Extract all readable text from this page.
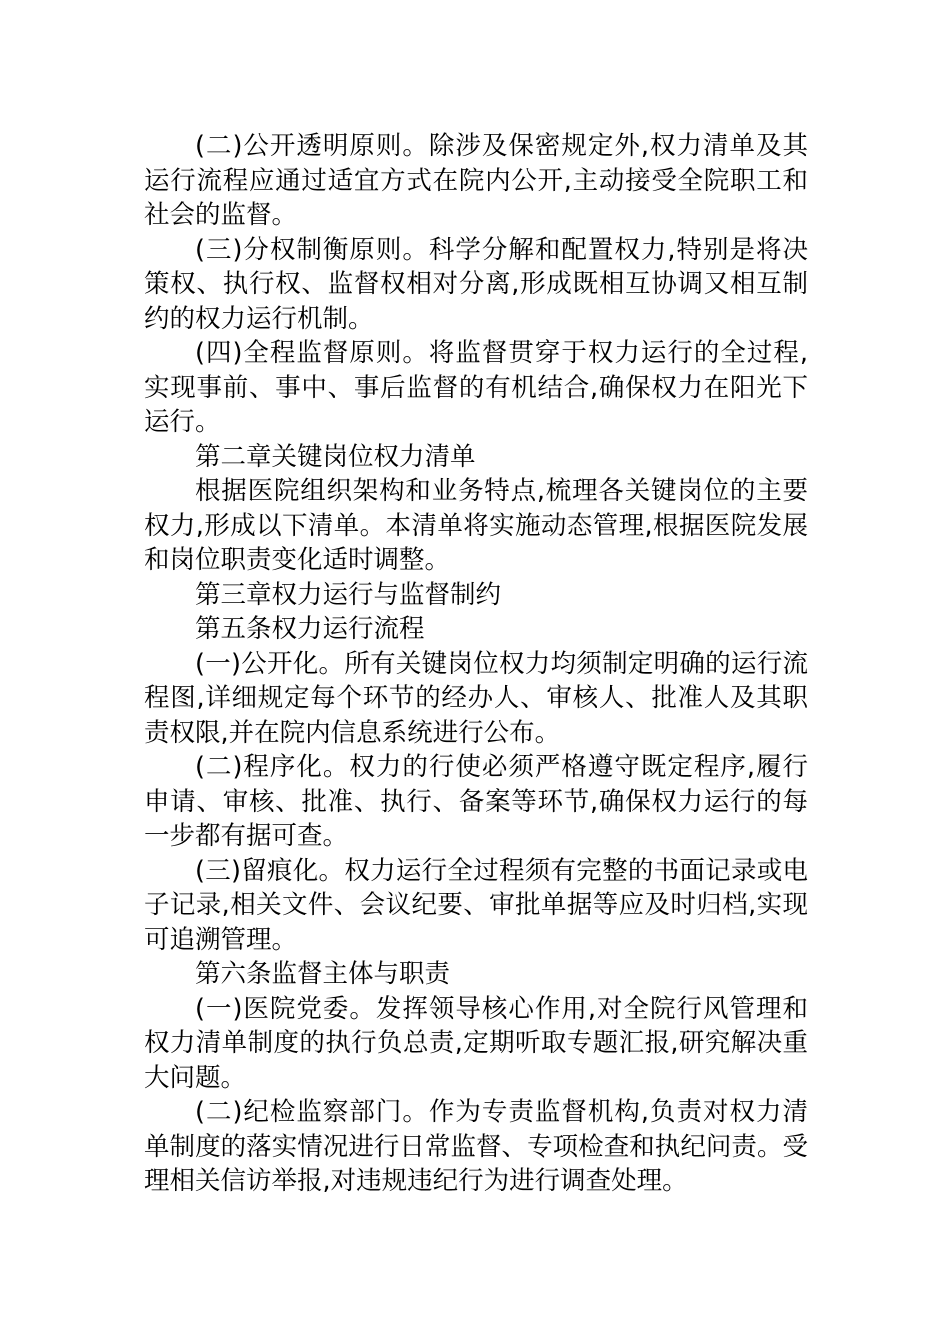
(二)公开透明原则。除涉及保密规定外,权力清单及其运行流程应通过适宜方式在院内公开,主动接受全院职工和社会的监督。

(三)分权制衡原则。科学分解和配置权力,特别是将决策权、执行权、监督权相对分离,形成既相互协调又相互制约的权力运行机制。

(四)全程监督原则。将监督贯穿于权力运行的全过程,实现事前、事中、事后监督的有机结合,确保权力在阳光下运行。

第二章关键岗位权力清单

根据医院组织架构和业务特点,梳理各关键岗位的主要权力,形成以下清单。本清单将实施动态管理,根据医院发展和岗位职责变化适时调整。

第三章权力运行与监督制约

第五条权力运行流程

(一)公开化。所有关键岗位权力均须制定明确的运行流程图,详细规定每个环节的经办人、审核人、批准人及其职责权限,并在院内信息系统进行公布。

(二)程序化。权力的行使必须严格遵守既定程序,履行申请、审核、批准、执行、备案等环节,确保权力运行的每一步都有据可查。

(三)留痕化。权力运行全过程须有完整的书面记录或电子记录,相关文件、会议纪要、审批单据等应及时归档,实现可追溯管理。

第六条监督主体与职责

(一)医院党委。发挥领导核心作用,对全院行风管理和权力清单制度的执行负总责,定期听取专题汇报,研究解决重大问题。

(二)纪检监察部门。作为专责监督机构,负责对权力清单制度的落实情况进行日常监督、专项检查和执纪问责。受理相关信访举报,对违规违纪行为进行调查处理。
